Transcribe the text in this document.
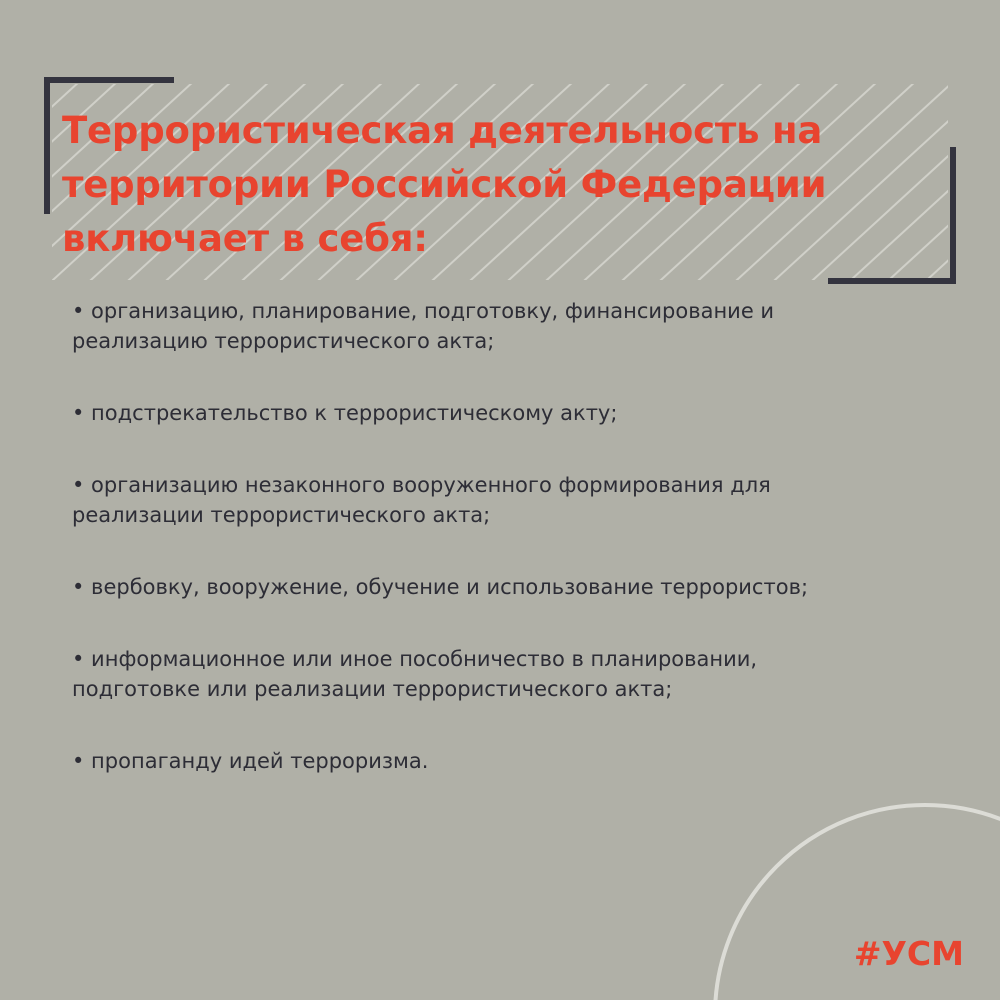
Террористическая деятельность на
территории Российской Федерации
включает в себя:
• организацию, планирование, подготовку, финансирование и
реализацию террористического акта;
• подстрекательство к террористическому акту;
• организацию незаконного вооруженного формирования для
реализации террористического акта;
• вербовку, вооружение, обучение и использование террористов;
• информационное или иное пособничество в планировании,
подготовке или реализации террористического акта;
• пропаганду идей терроризма.
#УСМ
